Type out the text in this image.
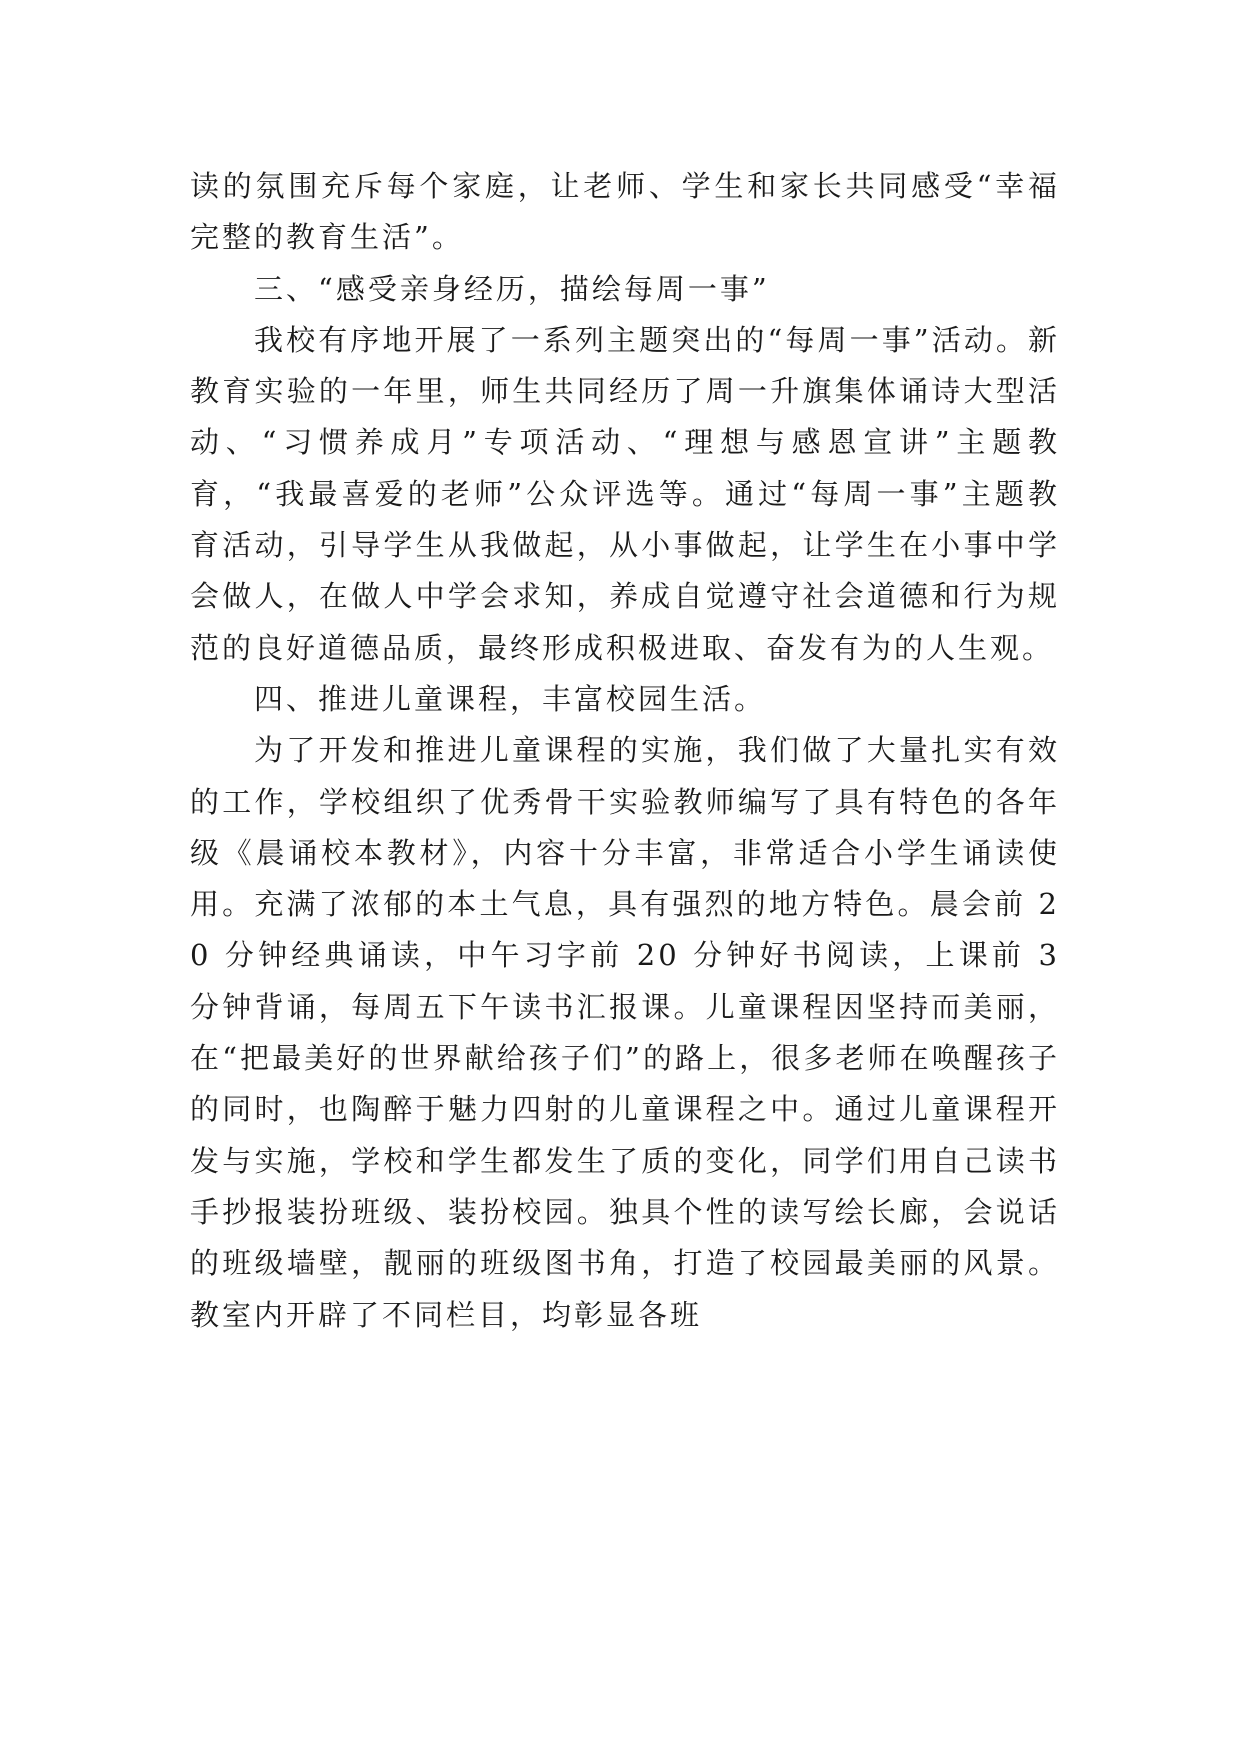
读的氛围充斥每个家庭，让老师、学生和家长共同感受“幸福完整的教育生活”。

三、“感受亲身经历，描绘每周一事”

我校有序地开展了一系列主题突出的“每周一事”活动。新教育实验的一年里，师生共同经历了周一升旗集体诵诗大型活动、“习惯养成月”专项活动、“理想与感恩宣讲”主题教育，“我最喜爱的老师”公众评选等。通过“每周一事”主题教育活动，引导学生从我做起，从小事做起，让学生在小事中学会做人，在做人中学会求知，养成自觉遵守社会道德和行为规范的良好道德品质，最终形成积极进取、奋发有为的人生观。

四、推进儿童课程，丰富校园生活。

为了开发和推进儿童课程的实施，我们做了大量扎实有效的工作，学校组织了优秀骨干实验教师编写了具有特色的各年级《晨诵校本教材》，内容十分丰富，非常适合小学生诵读使用。充满了浓郁的本土气息，具有强烈的地方特色。晨会前 20 分钟经典诵读，中午习字前 20 分钟好书阅读，上课前 3 分钟背诵，每周五下午读书汇报课。儿童课程因坚持而美丽，在“把最美好的世界献给孩子们”的路上，很多老师在唤醒孩子的同时，也陶醉于魅力四射的儿童课程之中。通过儿童课程开发与实施，学校和学生都发生了质的变化，同学们用自己读书手抄报装扮班级、装扮校园。独具个性的读写绘长廊，会说话的班级墙壁，靓丽的班级图书角，打造了校园最美丽的风景。教室内开辟了不同栏目，均彰显各班
